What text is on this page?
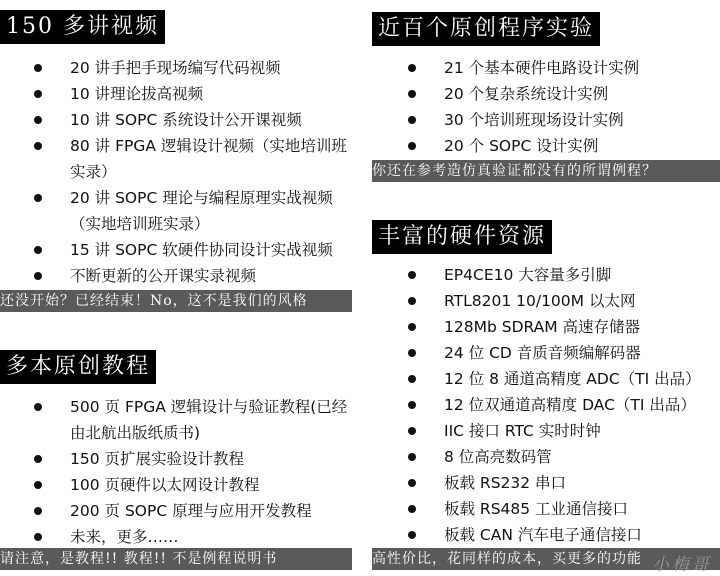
150 多讲视频
20 讲手把手现场编写代码视频
10 讲理论拔高视频
10 讲 SOPC 系统设计公开课视频
80 讲 FPGA 逻辑设计视频（实地培训班实录）
20 讲 SOPC 理论与编程原理实战视频（实地培训班实录）
15 讲 SOPC 软硬件协同设计实战视频
不断更新的公开课实录视频
还没开始？已经结束！No，这不是我们的风格
多本原创教程
500 页 FPGA 逻辑设计与验证教程(已经由北航出版纸质书)
150 页扩展实验设计教程
100 页硬件以太网设计教程
200 页 SOPC 原理与应用开发教程
未来，更多……
请注意，是教程!! 教程!! 不是例程说明书
近百个原创程序实验
21 个基本硬件电路设计实例
20 个复杂系统设计实例
30 个培训班现场设计实例
20 个 SOPC 设计实例
你还在参考造仿真验证都没有的所谓例程？
丰富的硬件资源
EP4CE10 大容量多引脚
RTL8201 10/100M 以太网
128Mb SDRAM 高速存储器
24 位 CD 音质音频编解码器
12 位 8 通道高精度 ADC（TI 出品）
12 位双通道高精度 DAC（TI 出品）
IIC 接口 RTC 实时时钟
8 位高亮数码管
板载 RS232 串口
板载 RS485 工业通信接口
板载 CAN 汽车电子通信接口
高性价比，花同样的成本，买更多的功能 小梅哥
